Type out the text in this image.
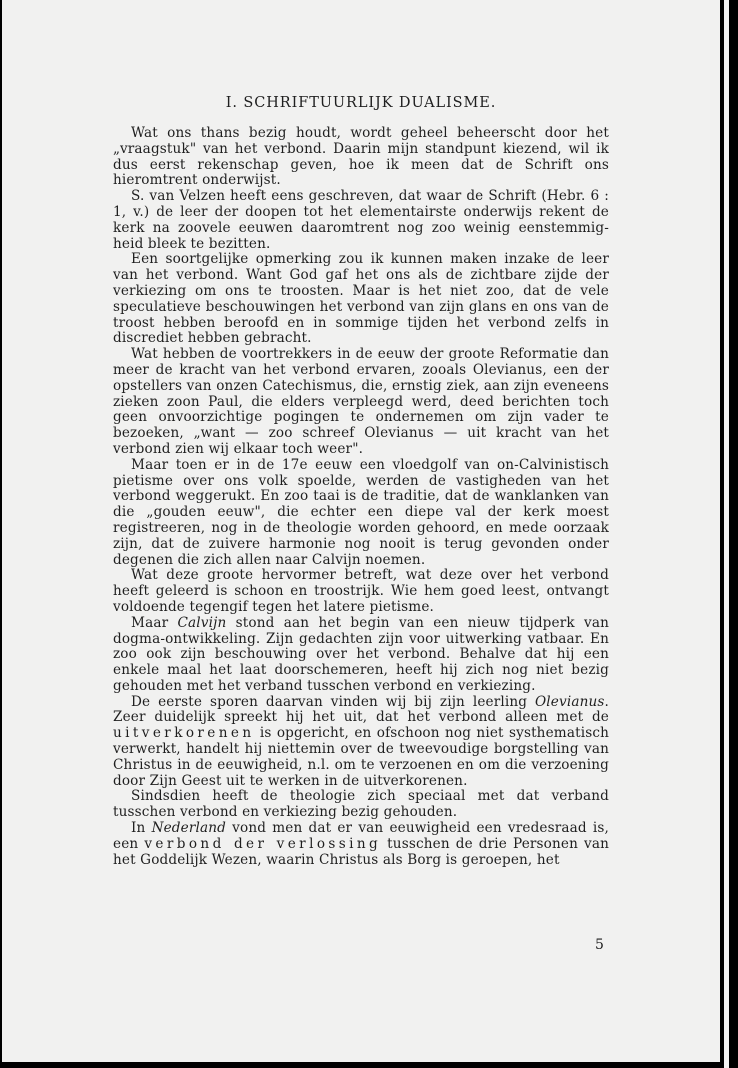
I. SCHRIFTUURLIJK DUALISME.

Wat ons thans bezig houdt, wordt geheel beheerscht door het „vraagstuk" van het verbond. Daarin mijn standpunt kiezend, wil ik dus eerst rekenschap geven, hoe ik meen dat de Schrift ons hieromtrent onderwijst.

S. van Velzen heeft eens geschreven, dat waar de Schrift (Hebr. 6 : 1, v.) de leer der doopen tot het elementairste onderwijs rekent de kerk na zoovele eeuwen daaromtrent nog zoo weinig eenstemmig-heid bleek te bezitten.

Een soortgelijke opmerking zou ik kunnen maken inzake de leer van het verbond. Want God gaf het ons als de zichtbare zijde der verkiezing om ons te troosten. Maar is het niet zoo, dat de vele speculatieve beschouwingen het verbond van zijn glans en ons van de troost hebben beroofd en in sommige tijden het verbond zelfs in discrediet hebben gebracht.

Wat hebben de voortrekkers in de eeuw der groote Reformatie dan meer de kracht van het verbond ervaren, zooals Olevianus, een der opstellers van onzen Catechismus, die, ernstig ziek, aan zijn eveneens zieken zoon Paul, die elders verpleegd werd, deed berichten toch geen onvoorzichtige pogingen te ondernemen om zijn vader te bezoeken, „want — zoo schreef Olevianus — uit kracht van het verbond zien wij elkaar toch weer".

Maar toen er in de 17e eeuw een vloedgolf van on-Calvinistisch pietisme over ons volk spoelde, werden de vastigheden van het verbond weggerukt. En zoo taai is de traditie, dat de wanklanken van die „gouden eeuw", die echter een diepe val der kerk moest registreeren, nog in de theologie worden gehoord, en mede oorzaak zijn, dat de zuivere harmonie nog nooit is terug gevonden onder degenen die zich allen naar Calvijn noemen.

Wat deze groote hervormer betreft, wat deze over het verbond heeft geleerd is schoon en troostrijk. Wie hem goed leest, ontvangt voldoende tegengif tegen het latere pietisme.

Maar Calvijn stond aan het begin van een nieuw tijdperk van dogma-ontwikkeling. Zijn gedachten zijn voor uitwerking vatbaar. En zoo ook zijn beschouwing over het verbond. Behalve dat hij een enkele maal het laat doorschemeren, heeft hij zich nog niet bezig gehouden met het verband tusschen verbond en verkiezing.

De eerste sporen daarvan vinden wij bij zijn leerling Olevianus. Zeer duidelijk spreekt hij het uit, dat het verbond alleen met de uitverkorenen is opgericht, en ofschoon nog niet systhematisch verwerkt, handelt hij niettemin over de tweevoudige borgstelling van Christus in de eeuwigheid, n.l. om te verzoenen en om die verzoening door Zijn Geest uit te werken in de uitverkorenen.

Sindsdien heeft de theologie zich speciaal met dat verband tusschen verbond en verkiezing bezig gehouden.

In Nederland vond men dat er van eeuwigheid een vredesraad is, een verbond der verlossing tusschen de drie Personen van het Goddelijk Wezen, waarin Christus als Borg is geroepen, het

5
